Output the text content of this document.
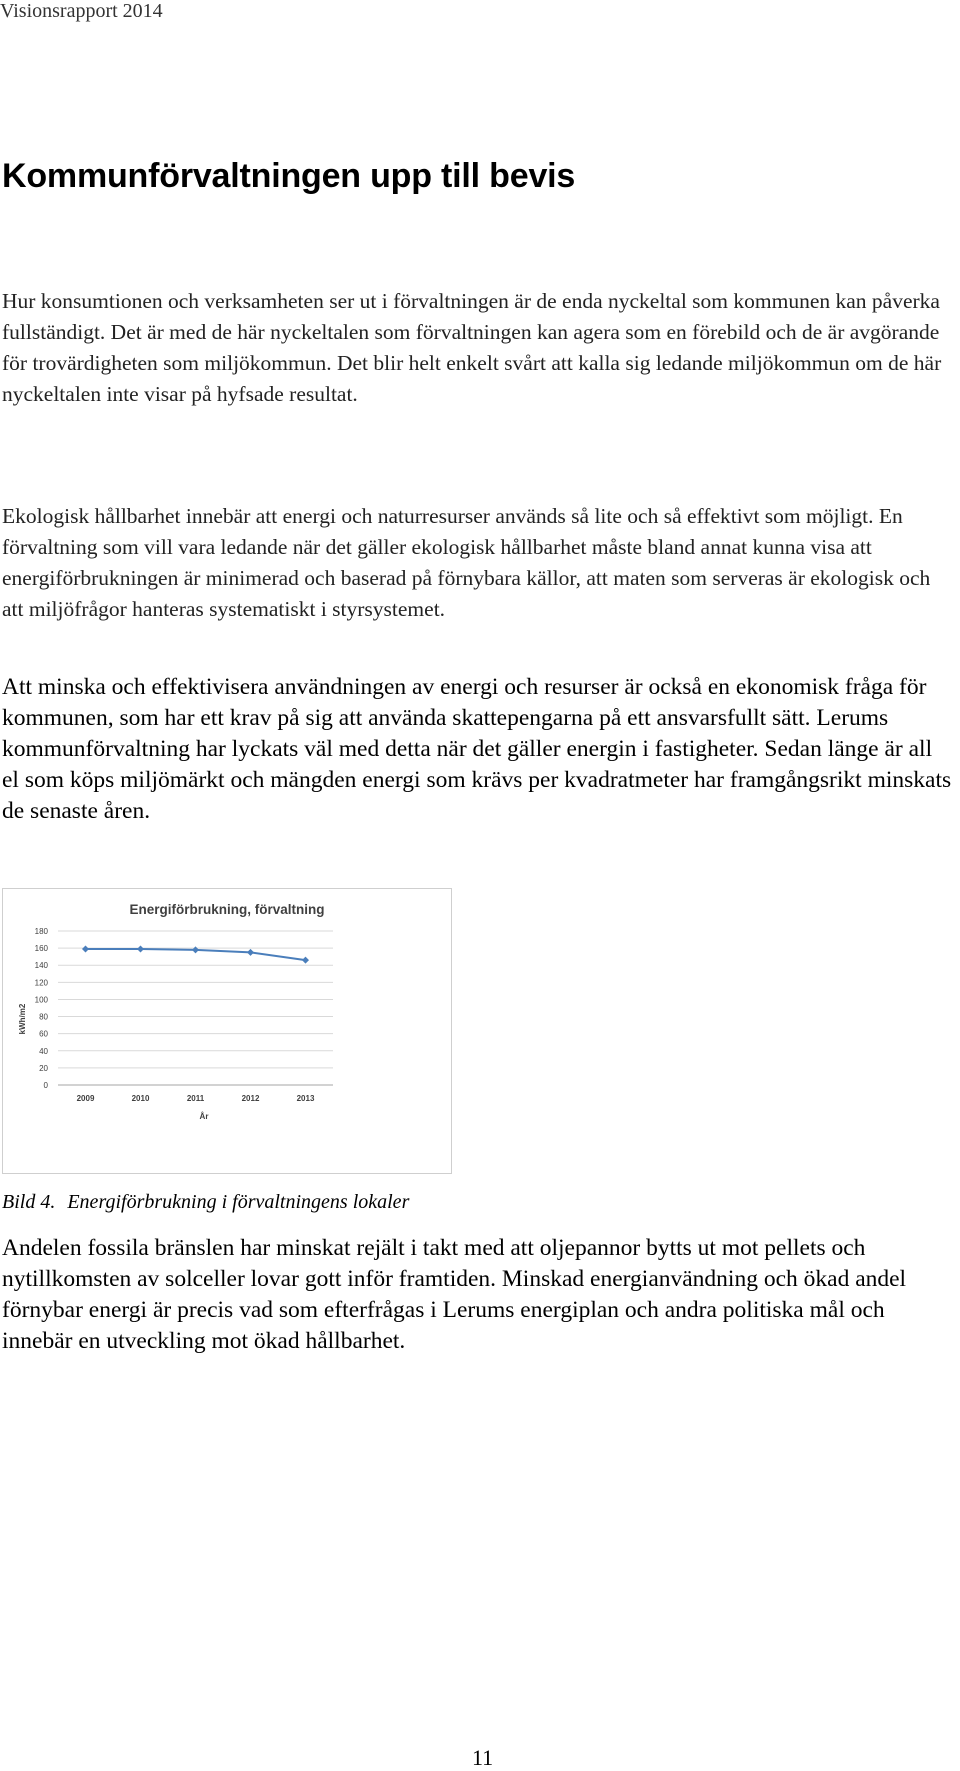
Visionsrapport 2014
Kommunförvaltningen upp till bevis

Hur konsumtionen och verksamheten ser ut i förvaltningen är de enda nyckeltal som kommunen kan påverka fullständigt. Det är med de här nyckeltalen som förvaltningen kan agera som en förebild och de är avgörande för trovärdigheten som miljökommun. Det blir helt enkelt svårt att kalla sig ledande miljökommun om de här nyckeltalen inte visar på hyfsade resultat.

Ekologisk hållbarhet innebär att energi och naturresurser används så lite och så effektivt som möjligt. En förvaltning som vill vara ledande när det gäller ekologisk hållbarhet måste bland annat kunna visa att energiförbrukningen är minimerad och baserad på förnybara källor, att maten som serveras är ekologisk och att miljöfrågor hanteras systematiskt i styrsystemet.

Att minska och effektivisera användningen av energi och resurser är också en ekonomisk fråga för kommunen, som har ett krav på sig att använda skattepengarna på ett ansvarsfullt sätt. Lerums kommunförvaltning har lyckats väl med detta när det gäller energin i fastigheter. Sedan länge är all el som köps miljömärkt och mängden energi som krävs per kvadratmeter har framgångsrikt minskats de senaste åren.

0
20
40
60
80
100
120
140
160
180
2009	2010	2011	2012	2013
Energiförbrukning, förvaltning
År
kWh/m2
Bild 4. Energiförbrukning i förvaltningens lokaler

Andelen fossila bränslen har minskat rejält i takt med att oljepannor bytts ut mot pellets och nytillkomsten av solceller lovar gott inför framtiden. Minskad energianvändning och ökad andel förnybar energi är precis vad som efterfrågas i Lerums energiplan och andra politiska mål och innebär en utveckling mot ökad hållbarhet.

11
